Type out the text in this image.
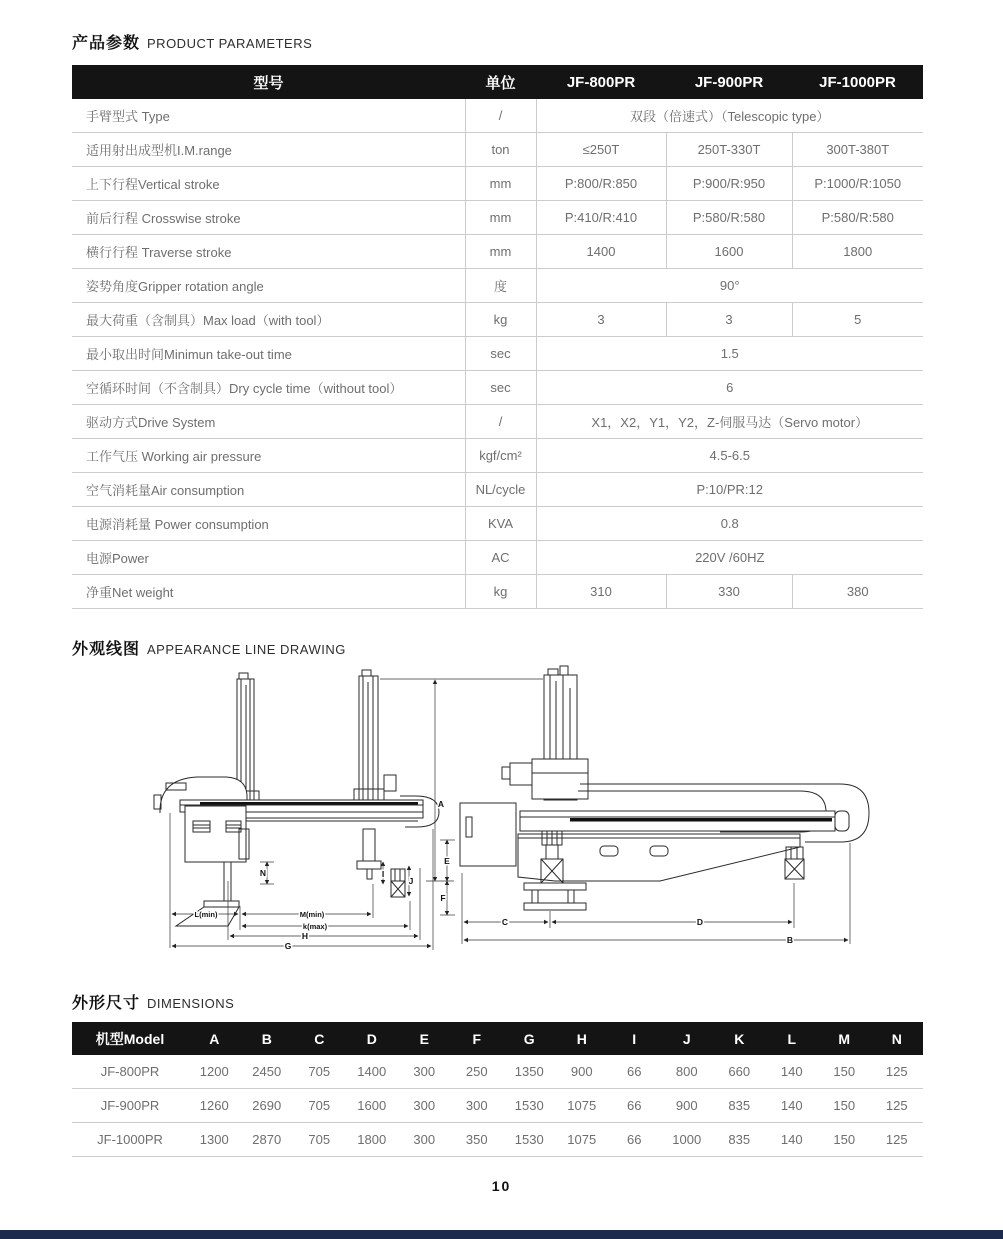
产品参数 PRODUCT PARAMETERS
型号	单位	JF-800PR	JF-900PR	JF-1000PR
手臂型式 Type	/	双段（倍速式）（Telescopic type）		
适用射出成型机I.M.range	ton	≤250T	250T-330T	300T-380T
上下行程Vertical stroke	mm	P:800/R:850	P:900/R:950	P:1000/R:1050
前后行程 Crosswise stroke	mm	P:410/R:410	P:580/R:580	P:580/R:580
横行行程 Traverse stroke	mm	1400	1600	1800
姿势角度Gripper rotation angle	度	90°		
最大荷重（含制具）Max load（with tool）	kg	3	3	5
最小取出时间Minimun take-out time	sec	1.5		
空循环时间（不含制具）Dry cycle time（without tool）	sec	6		
驱动方式Drive System	/	X1，X2，Y1，Y2，Z-伺服马达（Servo motor）		
工作气压 Working air pressure	kgf/cm²	4.5-6.5		
空气消耗量Air consumption	NL/cycle	P:10/PR:12		
电源消耗量 Power consumption	KVA	0.8		
电源Power	AC	220V /60HZ		
净重Net weight	kg	310	330	380
外观线图 APPEARANCE LINE DRAWING
A
E
F
N	I
J
L(min)	M(min)
k(max)
H
G
C	D
B
外形尺寸 DIMENSIONS
机型Model	A	B	C	D	E	F	G	H	I	J	K	L	M	N
JF-800PR	1200	2450	705	1400	300	250	1350	900	66	800	660	140	150	125
JF-900PR	1260	2690	705	1600	300	300	1530	1075	66	900	835	140	150	125
JF-1000PR	1300	2870	705	1800	300	350	1530	1075	66	1000	835	140	150	125
10
